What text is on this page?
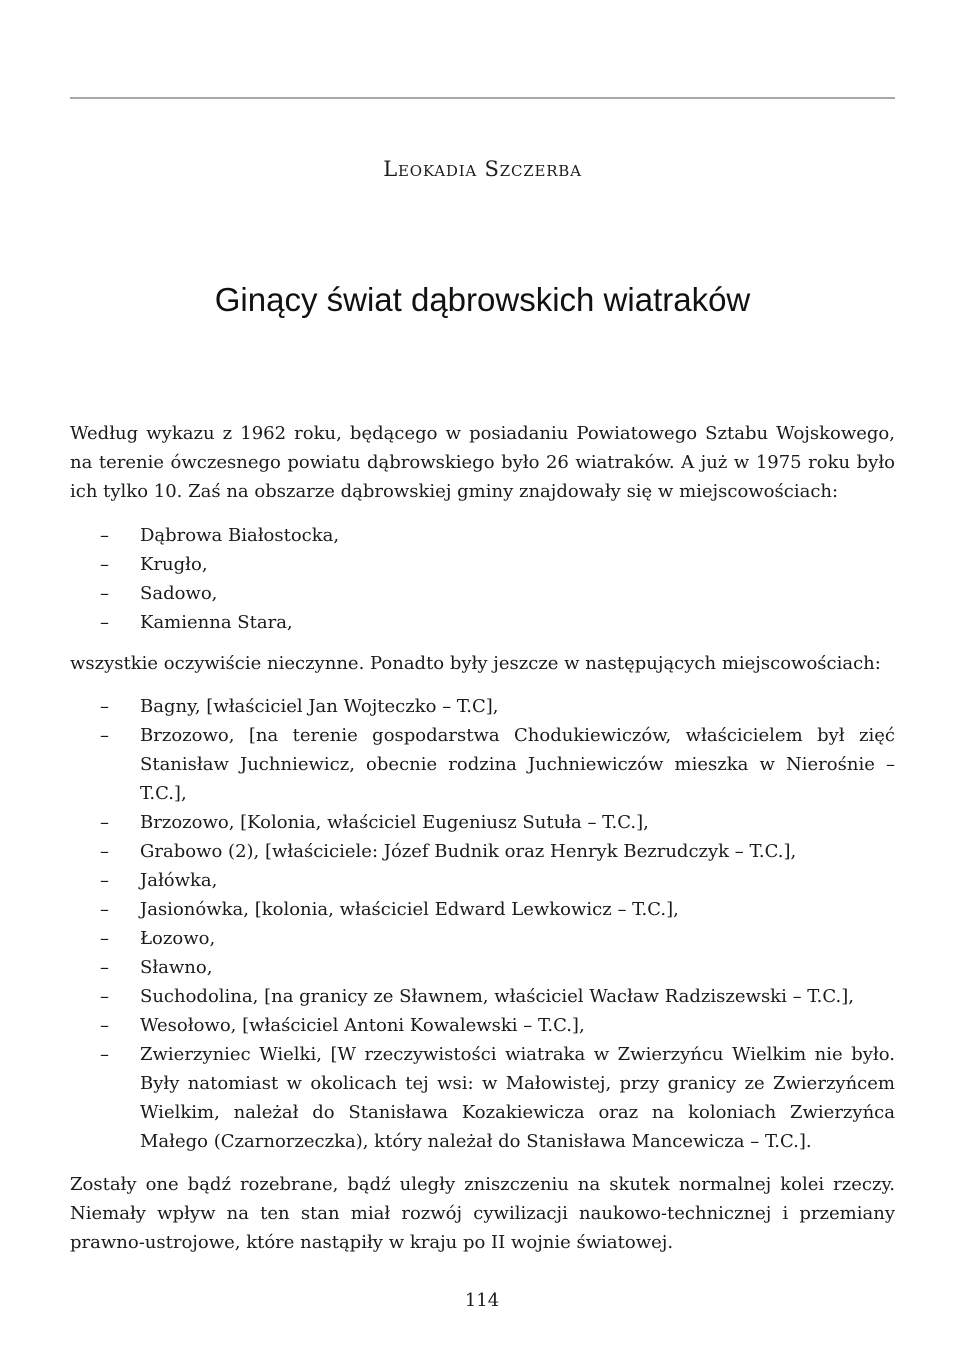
Leokadia Szczerba
Ginący świat dąbrowskich wiatraków

Według wykazu z 1962 roku, będącego w posiadaniu Powiatowego Sztabu Wojskowego, na terenie ówczesnego powiatu dąbrowskiego było 26 wiatraków. A już w 1975 roku było ich tylko 10. Zaś na obszarze dąbrowskiej gminy znajdowały się w miejscowościach:

– Dąbrowa Białostocka,
– Krugło,
– Sadowo,
– Kamienna Stara,

wszystkie oczywiście nieczynne. Ponadto były jeszcze w następujących miejscowościach:

– Bagny, [właściciel Jan Wojteczko – T.C],
– Brzozowo, [na terenie gospodarstwa Chodukiewiczów, właścicielem był zięć Stanisław Juchniewicz, obecnie rodzina Juchniewiczów mieszka w Nierośnie – T.C.],
– Brzozowo, [Kolonia, właściciel Eugeniusz Sutuła – T.C.],
– Grabowo (2), [właściciele: Józef Budnik oraz Henryk Bezrudczyk – T.C.],
– Jałówka,
– Jasionówka, [kolonia, właściciel Edward Lewkowicz – T.C.],
– Łozowo,
– Sławno,
– Suchodolina, [na granicy ze Sławnem, właściciel Wacław Radziszewski – T.C.],
– Wesołowo, [właściciel Antoni Kowalewski – T.C.],
– Zwierzyniec Wielki, [W rzeczywistości wiatraka w Zwierzyńcu Wielkim nie było. Były natomiast w okolicach tej wsi: w Małowistej, przy granicy ze Zwierzyńcem Wielkim, należał do Stanisława Kozakiewicza oraz na koloniach Zwierzyńca Małego (Czarnorzeczka), który należał do Stanisława Mancewicza – T.C.].

Zostały one bądź rozebrane, bądź uległy zniszczeniu na skutek normalnej kolei rzeczy. Niemały wpływ na ten stan miał rozwój cywilizacji naukowo-technicznej i przemiany prawno-ustrojowe, które nastąpiły w kraju po II wojnie światowej.

114
